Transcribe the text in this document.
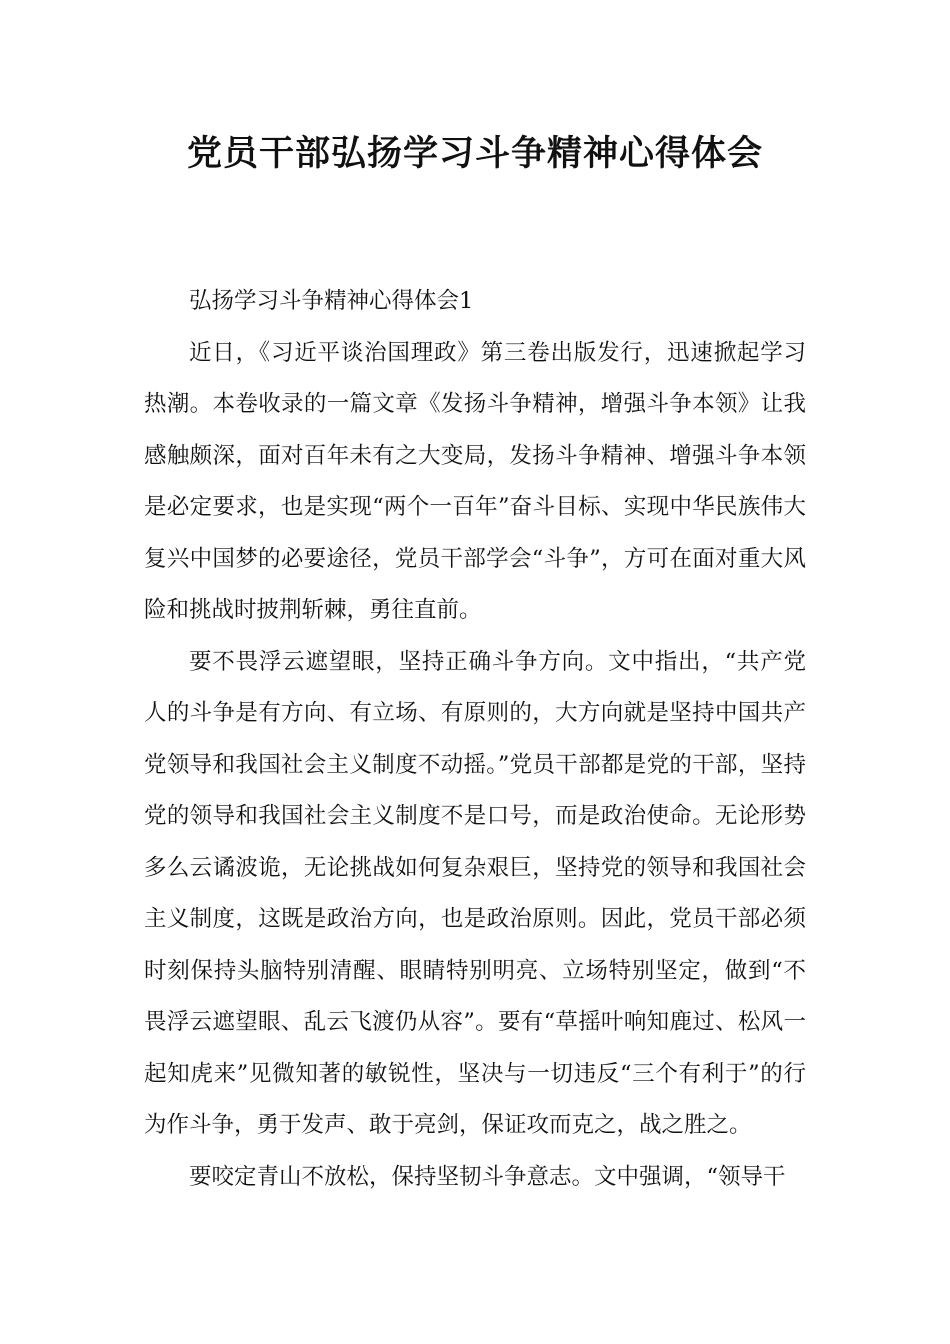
党员干部弘扬学习斗争精神心得体会

弘扬学习斗争精神心得体会1

近日，《习近平谈治国理政》第三卷出版发行，迅速掀起学习热潮。本卷收录的一篇文章《发扬斗争精神，增强斗争本领》让我感触颇深，面对百年未有之大变局，发扬斗争精神、增强斗争本领是必定要求，也是实现“两个一百年”奋斗目标、实现中华民族伟大复兴中国梦的必要途径，党员干部学会“斗争”，方可在面对重大风险和挑战时披荆斩棘，勇往直前。

要不畏浮云遮望眼，坚持正确斗争方向。文中指出，“共产党人的斗争是有方向、有立场、有原则的，大方向就是坚持中国共产党领导和我国社会主义制度不动摇。”党员干部都是党的干部，坚持党的领导和我国社会主义制度不是口号，而是政治使命。无论形势多么云谲波诡，无论挑战如何复杂艰巨，坚持党的领导和我国社会主义制度，这既是政治方向，也是政治原则。因此，党员干部必须时刻保持头脑特别清醒、眼睛特别明亮、立场特别坚定，做到“不畏浮云遮望眼、乱云飞渡仍从容”。要有“草摇叶响知鹿过、松风一起知虎来”见微知著的敏锐性，坚决与一切违反“三个有利于”的行为作斗争，勇于发声、敢于亮剑，保证攻而克之，战之胜之。

要咬定青山不放松，保持坚韧斗争意志。文中强调，“领导干
